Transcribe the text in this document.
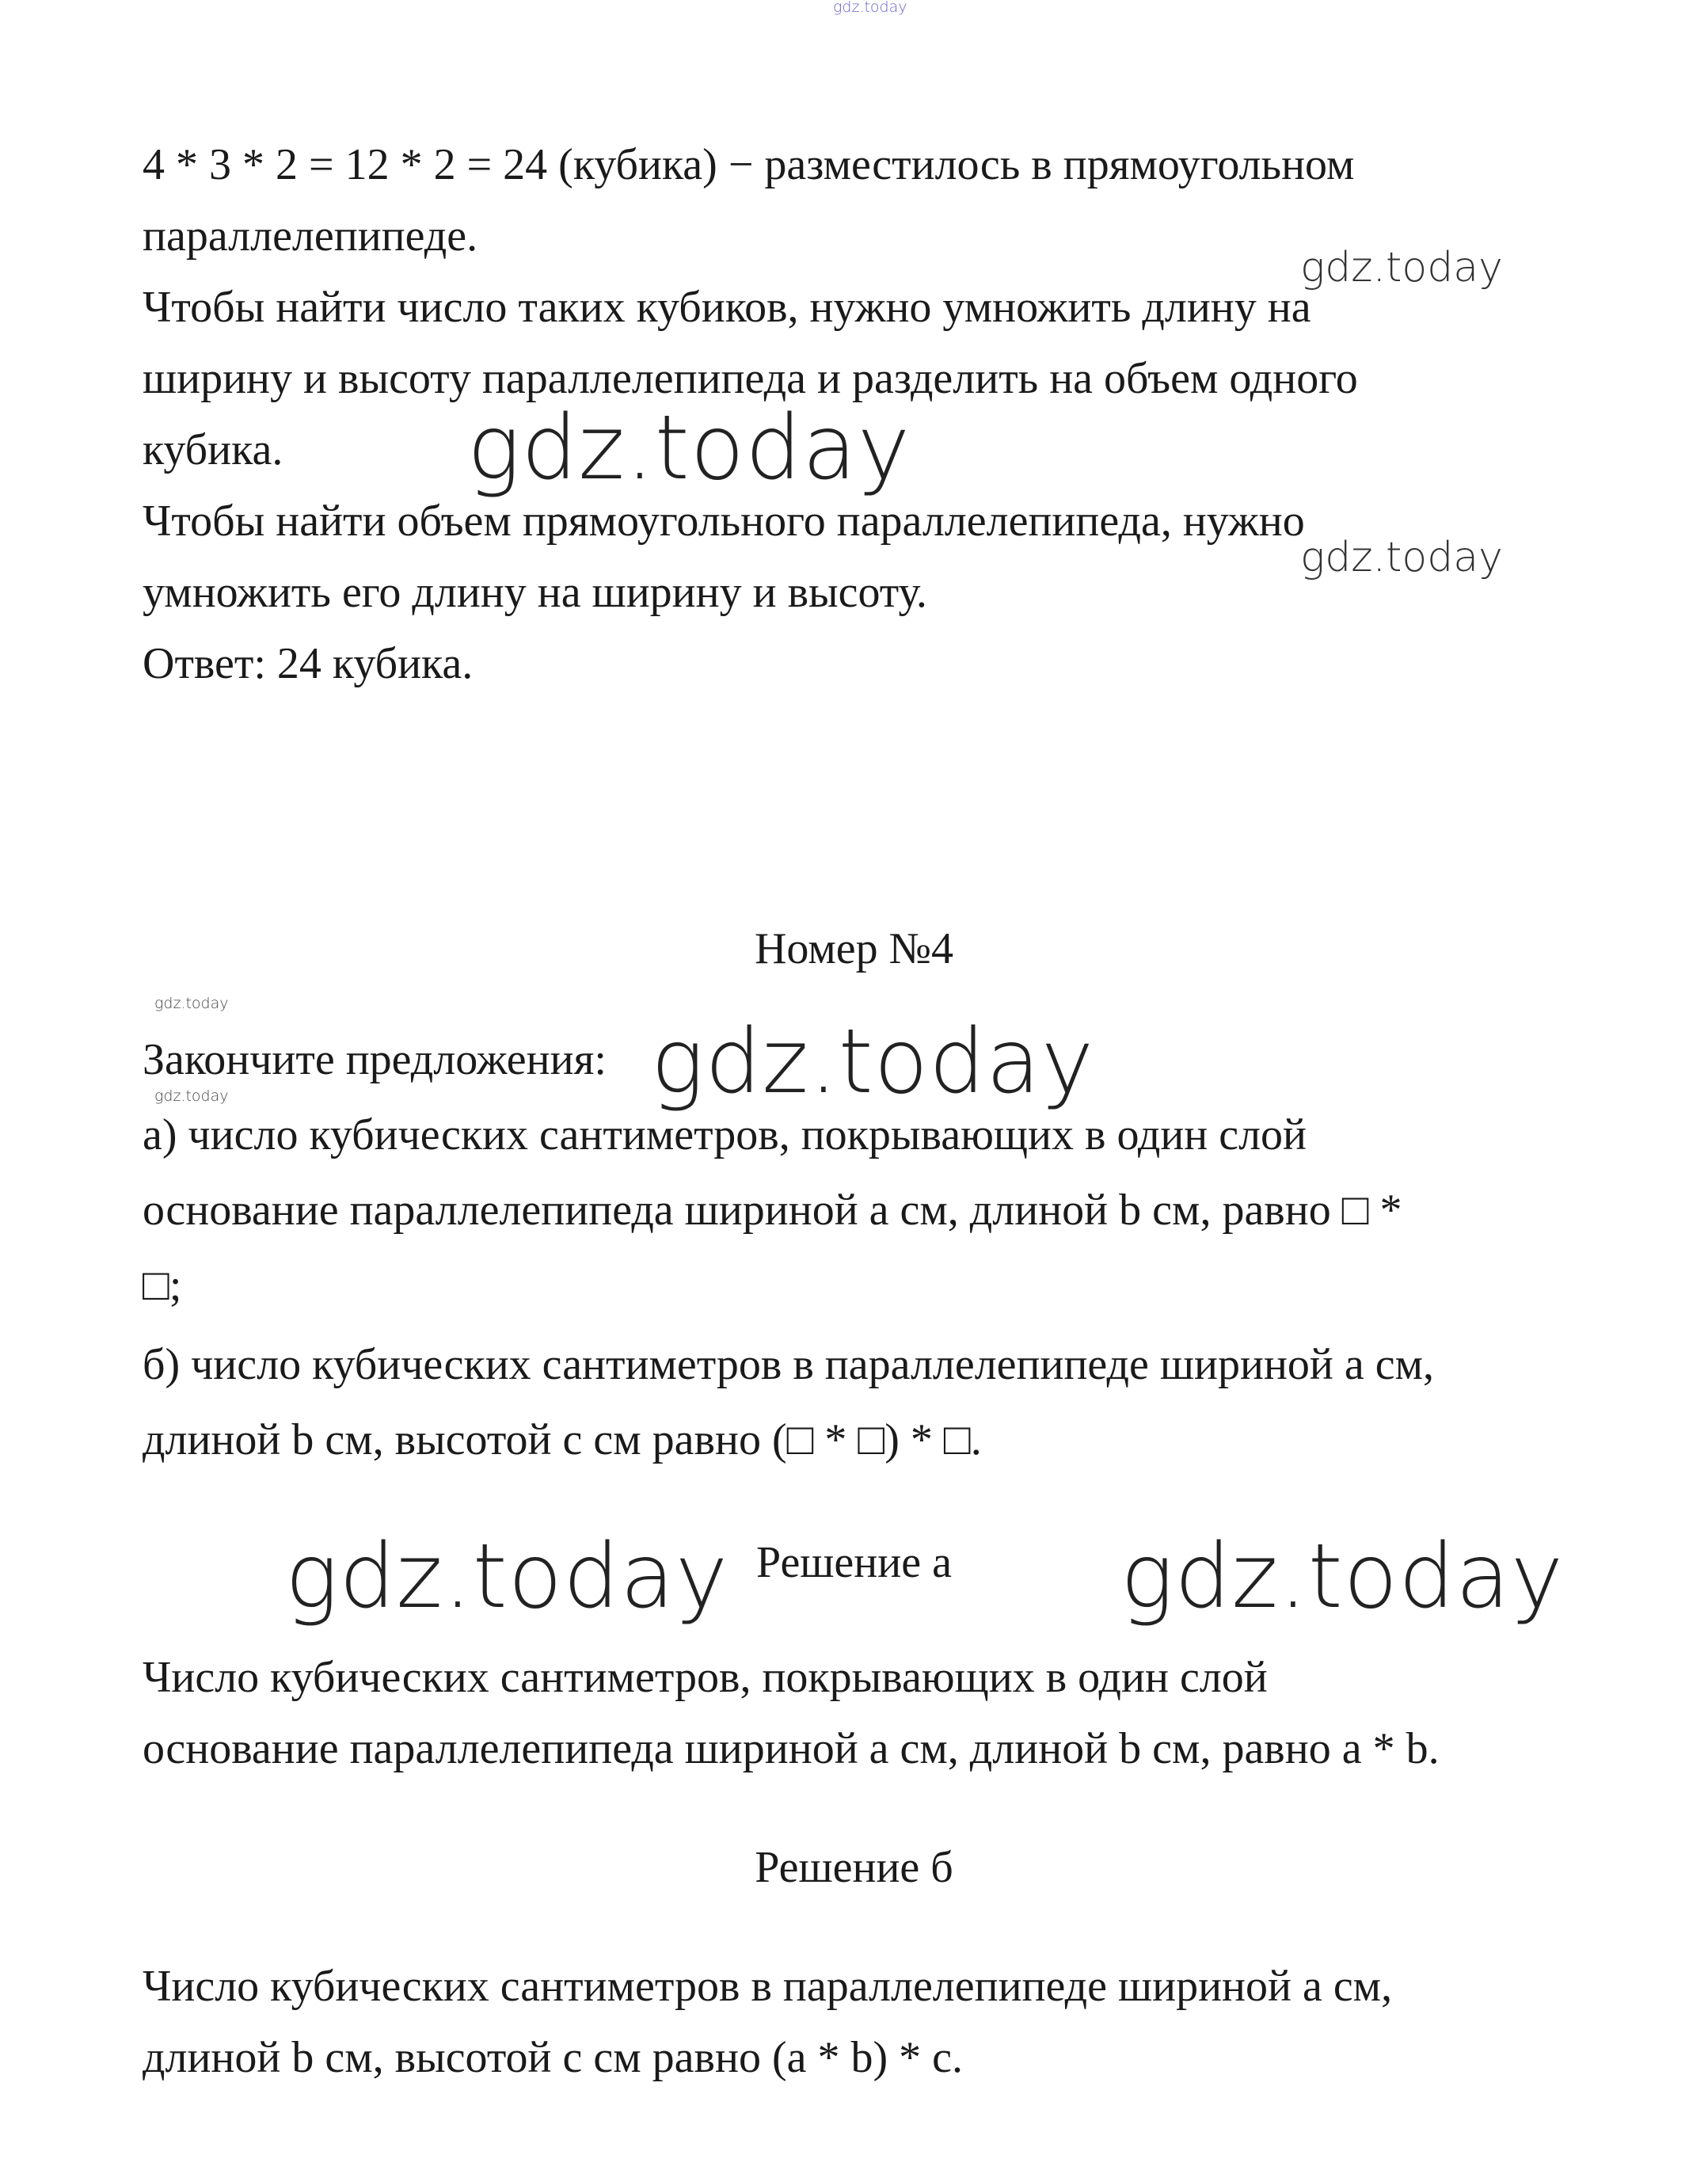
gdz.today

4 * 3 * 2 = 12 * 2 = 24 (кубика) − разместилось в прямоугольном

параллелепипеде.

Чтобы найти число таких кубиков, нужно умножить длину на

ширину и высоту параллелепипеда и разделить на объем одного

кубика.

Чтобы найти объем прямоугольного параллелепипеда, нужно

умножить его длину на ширину и высоту.

Ответ: 24 кубика.

Номер №4

Закончите предложения:

а) число кубических сантиметров, покрывающих в один слой

основание параллелепипеда шириной a см, длиной b см, равно □ *

□;

б) число кубических сантиметров в параллелепипеде шириной a см,

длиной b см, высотой c см равно (□ * □) * □.

Решение а

Число кубических сантиметров, покрывающих в один слой

основание параллелепипеда шириной a см, длиной b см, равно a * b.

Решение б

Число кубических сантиметров в параллелепипеде шириной a см,

длиной b см, высотой c см равно (a * b) * c.

gdz.today
gdz.today
gdz.today
gdz.today
gdz.today
gdz.today
gdz.today	gdz.today
